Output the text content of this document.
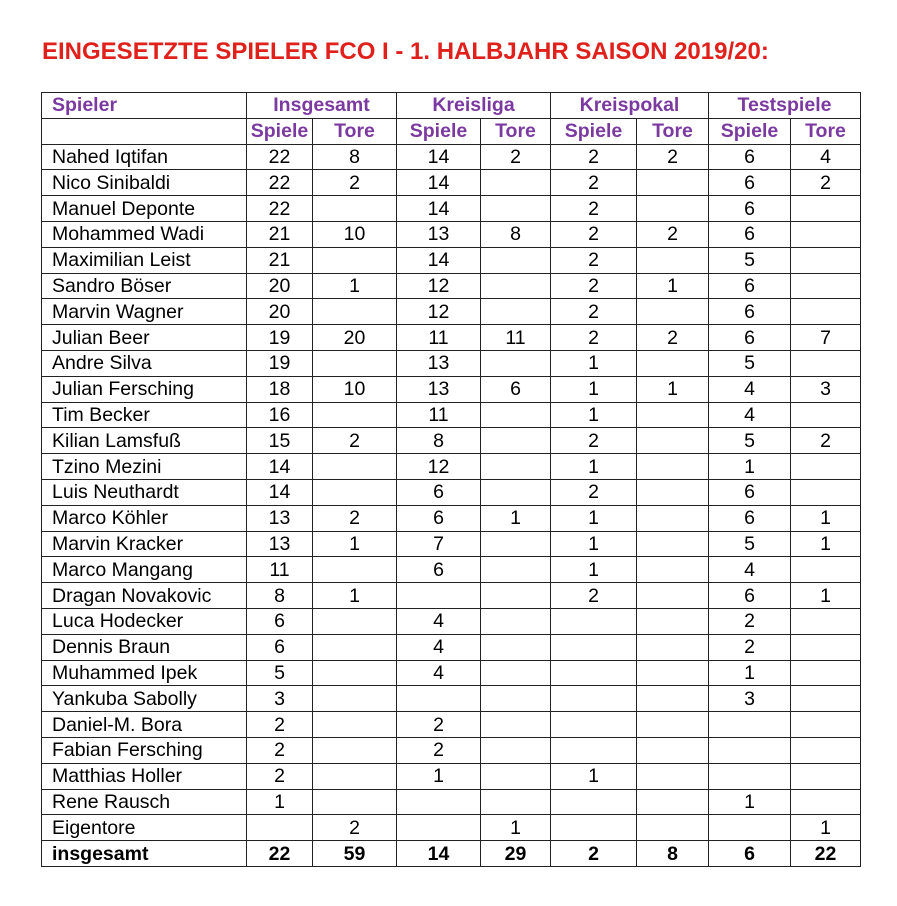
EINGESETZTE SPIELER FCO I - 1. HALBJAHR SAISON 2019/20:
Spieler	Insgesamt		Kreisliga		Kreispokal		Testspiele	
	Spiele	Tore	Spiele	Tore	Spiele	Tore	Spiele	Tore
Nahed Iqtifan	22	8	14	2	2	2	6	4
Nico Sinibaldi	22	2	14		2		6	2
Manuel Deponte	22		14		2		6	
Mohammed Wadi	21	10	13	8	2	2	6	
Maximilian Leist	21		14		2		5	
Sandro Böser	20	1	12		2	1	6	
Marvin Wagner	20		12		2		6	
Julian Beer	19	20	11	11	2	2	6	7
Andre Silva	19		13		1		5	
Julian Fersching	18	10	13	6	1	1	4	3
Tim Becker	16		11		1		4	
Kilian Lamsfuß	15	2	8		2		5	2
Tzino Mezini	14		12		1		1	
Luis Neuthardt	14		6		2		6	
Marco Köhler	13	2	6	1	1		6	1
Marvin Kracker	13	1	7		1		5	1
Marco Mangang	11		6		1		4	
Dragan Novakovic	8	1			2		6	1
Luca Hodecker	6		4				2	
Dennis Braun	6		4				2	
Muhammed Ipek	5		4				1	
Yankuba Sabolly	3						3	
Daniel-M. Bora	2		2					
Fabian Fersching	2		2					
Matthias Holler	2		1		1			
Rene Rausch	1						1	
Eigentore		2		1				1
insgesamt	22	59	14	29	2	8	6	22
